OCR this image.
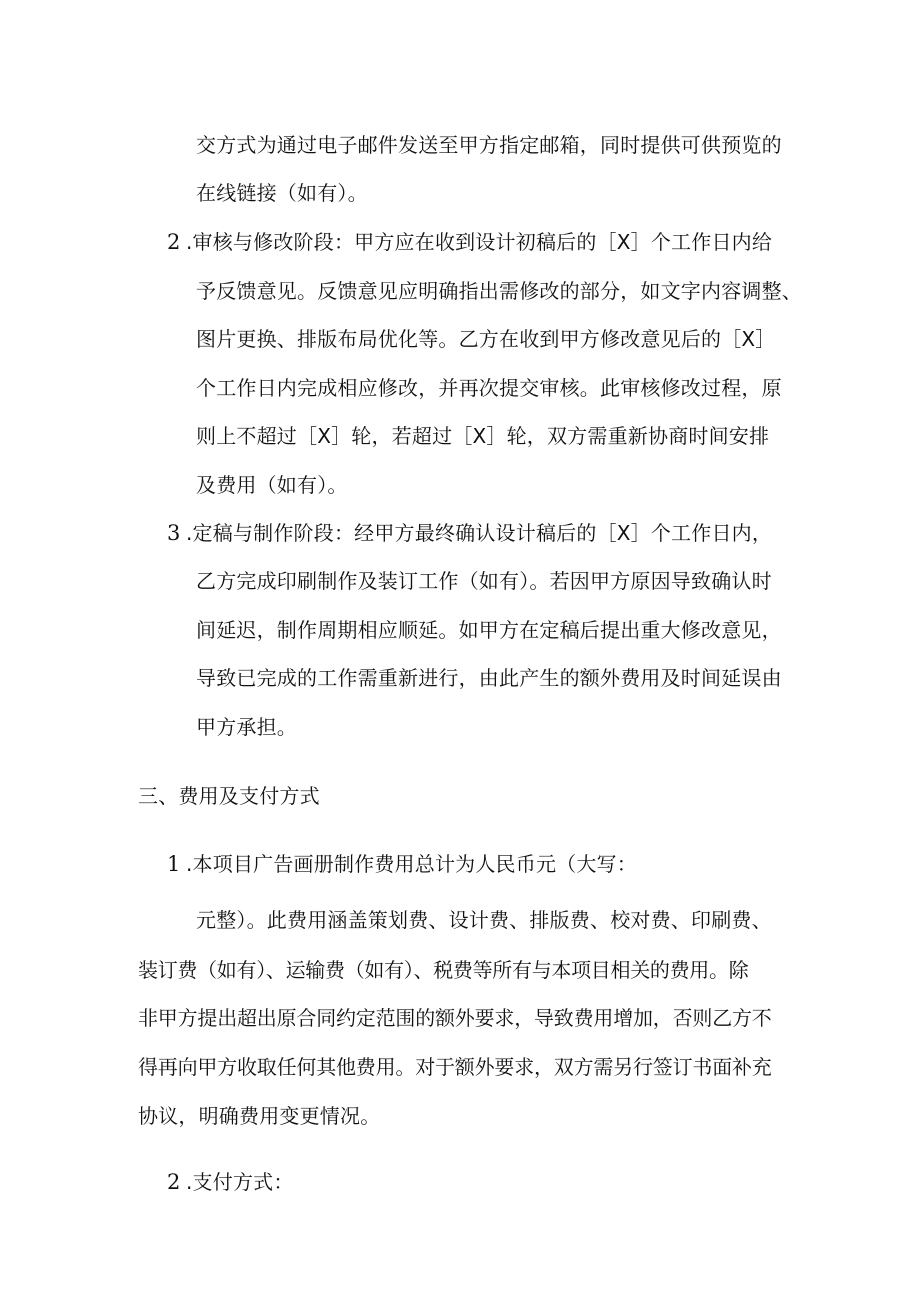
交方式为通过电子邮件发送至甲方指定邮箱，同时提供可供预览的
在线链接（如有）。
2 .审核与修改阶段：甲方应在收到设计初稿后的［X］个工作日内给
予反馈意见。反馈意见应明确指出需修改的部分，如文字内容调整、
图片更换、排版布局优化等。乙方在收到甲方修改意见后的［X］
个工作日内完成相应修改，并再次提交审核。此审核修改过程，原
则上不超过［X］轮，若超过［X］轮，双方需重新协商时间安排
及费用（如有）。
3 .定稿与制作阶段：经甲方最终确认设计稿后的［X］个工作日内，
乙方完成印刷制作及装订工作（如有）。若因甲方原因导致确认时
间延迟，制作周期相应顺延。如甲方在定稿后提出重大修改意见，
导致已完成的工作需重新进行，由此产生的额外费用及时间延误由
甲方承担。
三、费用及支付方式
1 .本项目广告画册制作费用总计为人民币元（大写：
元整）。此费用涵盖策划费、设计费、排版费、校对费、印刷费、
装订费（如有）、运输费（如有）、税费等所有与本项目相关的费用。除
非甲方提出超出原合同约定范围的额外要求，导致费用增加，否则乙方不
得再向甲方收取任何其他费用。对于额外要求，双方需另行签订书面补充
协议，明确费用变更情况。
2 .支付方式：
